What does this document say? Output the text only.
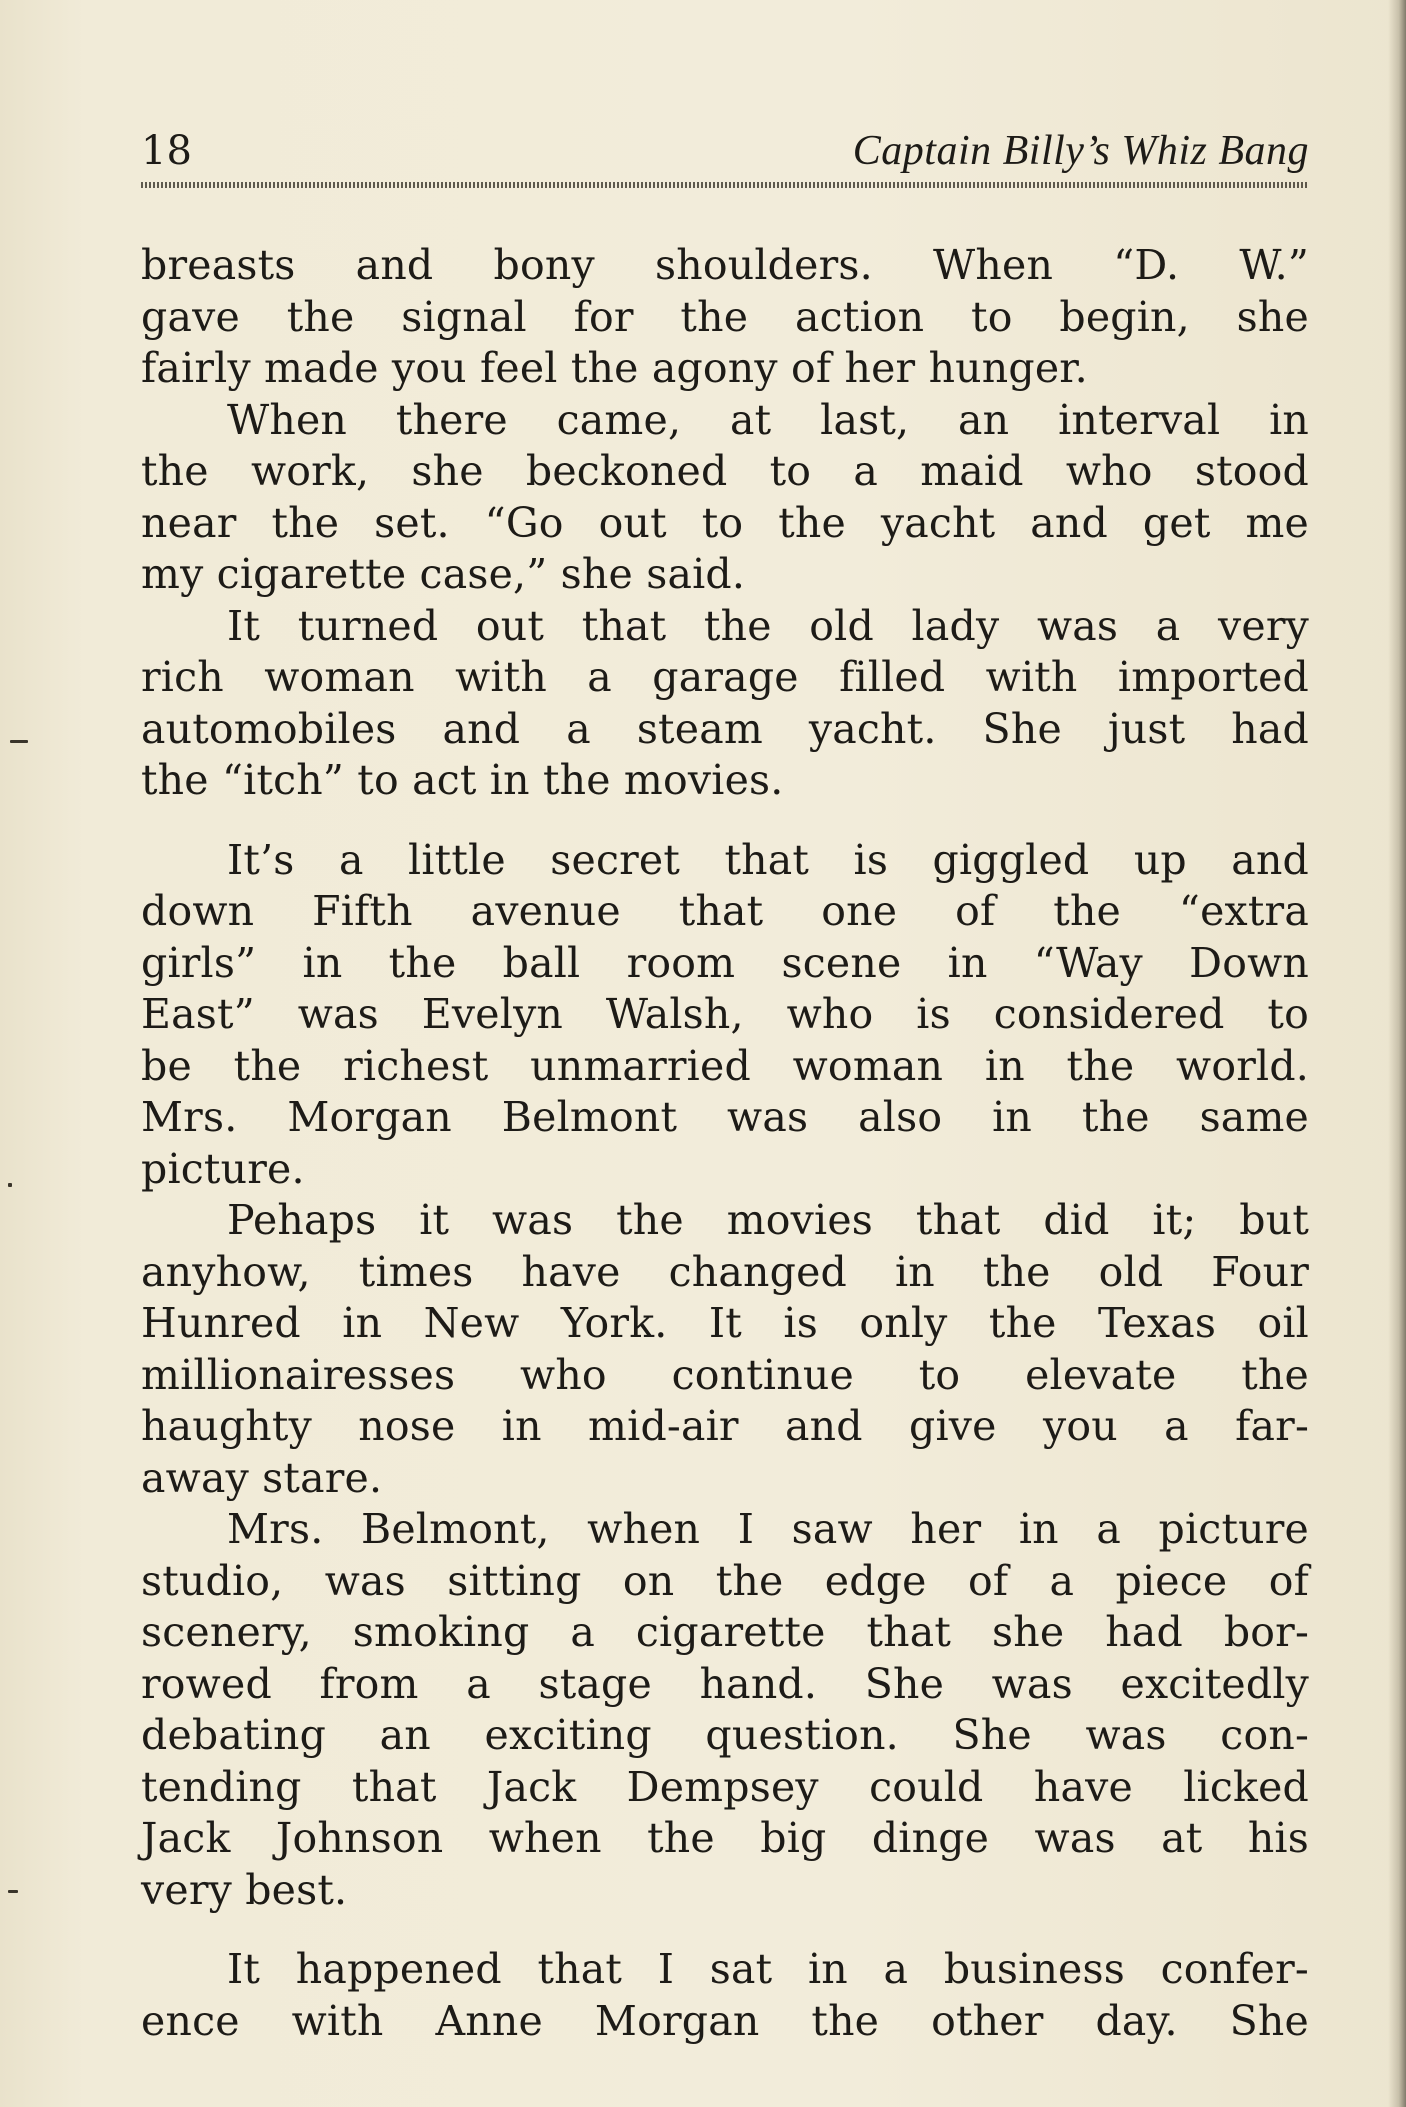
18	Captain Billy’s Whiz Bang
breasts and bony shoulders. When “D. W.”
gave the signal for the action to begin, she
fairly made you feel the agony of her hunger.
When there came, at last, an interval in
the work, she beckoned to a maid who stood
near the set. “Go out to the yacht and get me
my cigarette case,” she said.
It turned out that the old lady was a very
rich woman with a garage filled with imported
automobiles and a steam yacht. She just had
the “itch” to act in the movies.
It’s a little secret that is giggled up and
down Fifth avenue that one of the “extra
girls” in the ball room scene in “Way Down
East” was Evelyn Walsh, who is considered to
be the richest unmarried woman in the world.
Mrs. Morgan Belmont was also in the same
picture.
Pehaps it was the movies that did it; but
anyhow, times have changed in the old Four
Hunred in New York. It is only the Texas oil
millionairesses who continue to elevate the
haughty nose in mid-air and give you a far-
away stare.
Mrs. Belmont, when I saw her in a picture
studio, was sitting on the edge of a piece of
scenery, smoking a cigarette that she had bor-
rowed from a stage hand. She was excitedly
debating an exciting question. She was con-
tending that Jack Dempsey could have licked
Jack Johnson when the big dinge was at his
very best.
It happened that I sat in a business confer-
ence with Anne Morgan the other day. She
